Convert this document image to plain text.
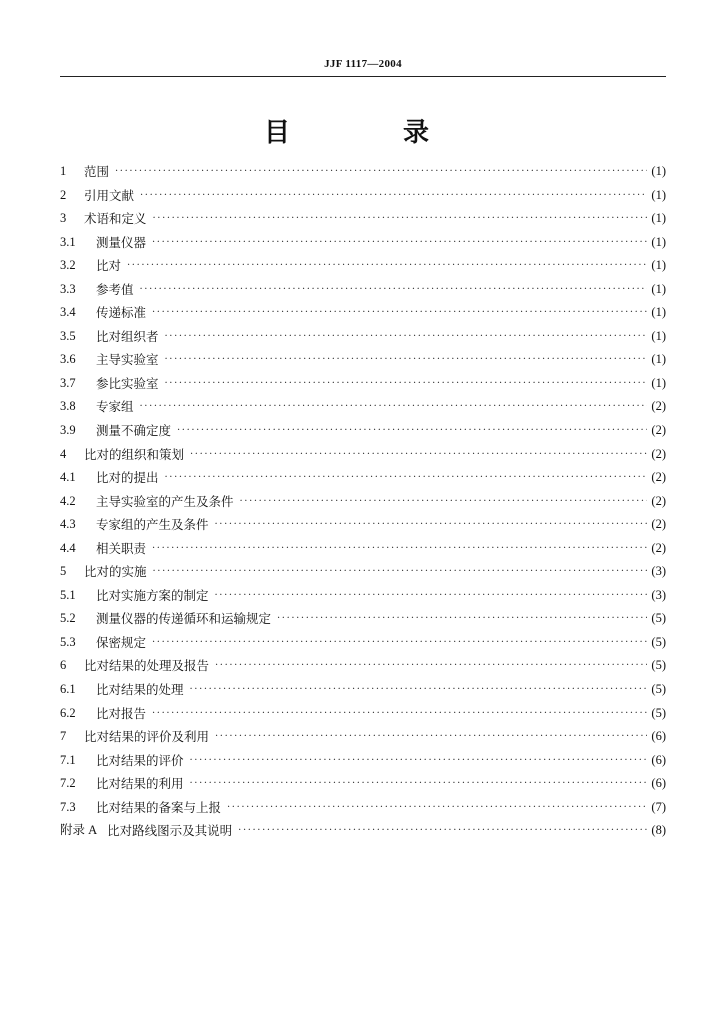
JJF 1117—2004
目 录
1	范围 ·····	(1)
2	引用文献 ·····	(1)
3	术语和定义 ·····	(1)
3.1	测量仪器 ·····	(1)
3.2	比对 ·····	(1)
3.3	参考值 ·····	(1)
3.4	传递标准 ·····	(1)
3.5	比对组织者 ·····	(1)
3.6	主导实验室 ·····	(1)
3.7	参比实验室 ·····	(1)
3.8	专家组 ·····	(2)
3.9	测量不确定度 ·····	(2)
4	比对的组织和策划 ·····	(2)
4.1	比对的提出 ·····	(2)
4.2	主导实验室的产生及条件 ·····	(2)
4.3	专家组的产生及条件 ·····	(2)
4.4	相关职责 ·····	(2)
5	比对的实施 ·····	(3)
5.1	比对实施方案的制定 ·····	(3)
5.2	测量仪器的传递循环和运输规定 ·····	(5)
5.3	保密规定 ·····	(5)
6	比对结果的处理及报告 ·····	(5)
6.1	比对结果的处理 ·····	(5)
6.2	比对报告 ·····	(5)
7	比对结果的评价及利用 ·····	(6)
7.1	比对结果的评价 ·····	(6)
7.2	比对结果的利用 ·····	(6)
7.3	比对结果的备案与上报 ·····	(7)
附录 A 比对路线图示及其说明 ·····	(8)
